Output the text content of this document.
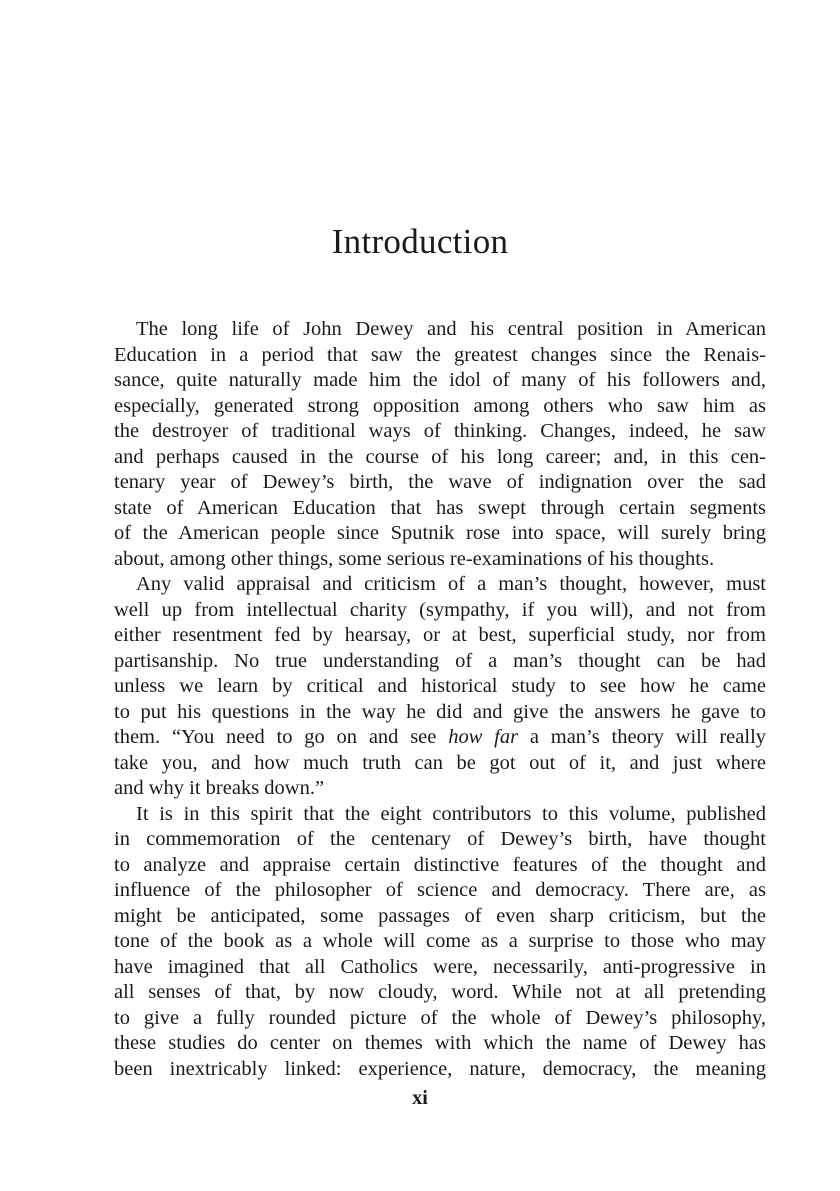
Introduction
The long life of John Dewey and his central position in American
Education in a period that saw the greatest changes since the Renais-
sance, quite naturally made him the idol of many of his followers and,
especially, generated strong opposition among others who saw him as
the destroyer of traditional ways of thinking. Changes, indeed, he saw
and perhaps caused in the course of his long career; and, in this cen-
tenary year of Dewey’s birth, the wave of indignation over the sad
state of American Education that has swept through certain segments
of the American people since Sputnik rose into space, will surely bring
about, among other things, some serious re-examinations of his thoughts.
Any valid appraisal and criticism of a man’s thought, however, must
well up from intellectual charity (sympathy, if you will), and not from
either resentment fed by hearsay, or at best, superficial study, nor from
partisanship. No true understanding of a man’s thought can be had
unless we learn by critical and historical study to see how he came
to put his questions in the way he did and give the answers he gave to
them. “You need to go on and see how far a man’s theory will really
take you, and how much truth can be got out of it, and just where
and why it breaks down.”
It is in this spirit that the eight contributors to this volume, published
in commemoration of the centenary of Dewey’s birth, have thought
to analyze and appraise certain distinctive features of the thought and
influence of the philosopher of science and democracy. There are, as
might be anticipated, some passages of even sharp criticism, but the
tone of the book as a whole will come as a surprise to those who may
have imagined that all Catholics were, necessarily, anti-progressive in
all senses of that, by now cloudy, word. While not at all pretending
to give a fully rounded picture of the whole of Dewey’s philosophy,
these studies do center on themes with which the name of Dewey has
been inextricably linked: experience, nature, democracy, the meaning

xi
